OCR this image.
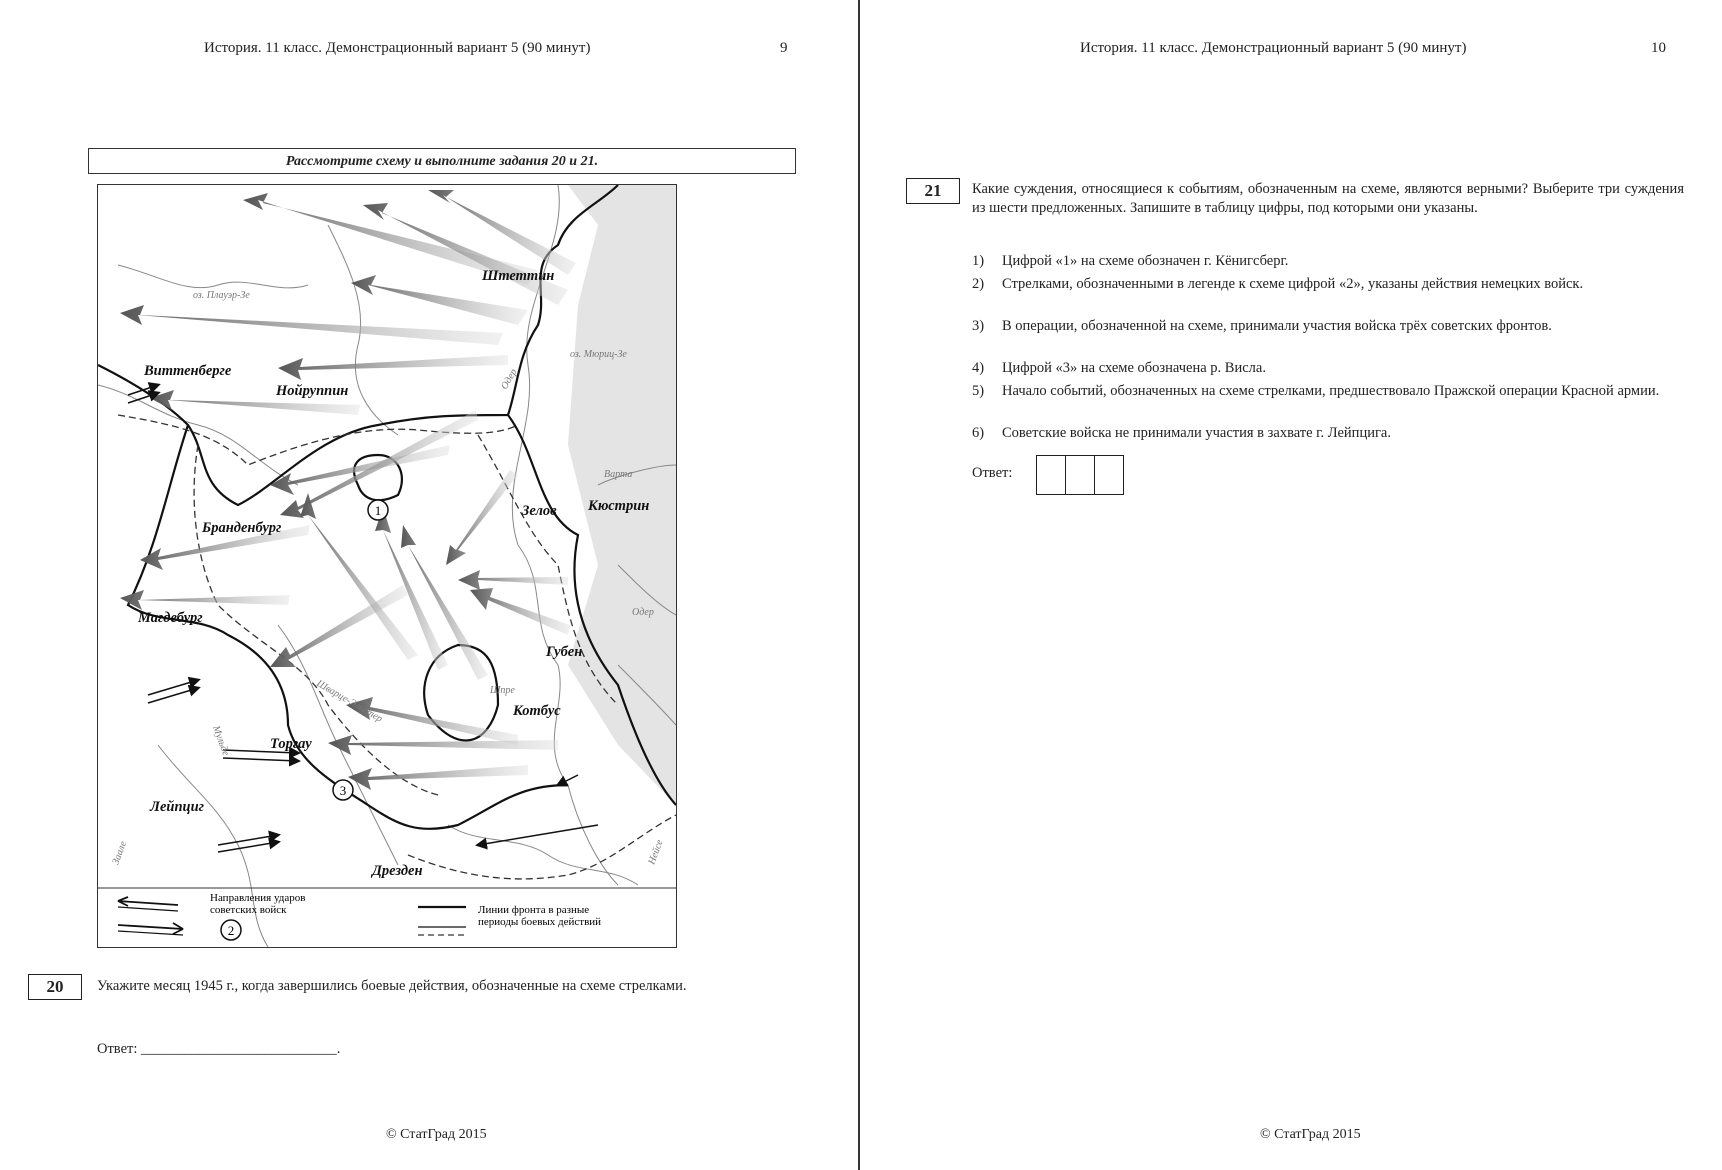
История. 11 класс. Демонстрационный вариант 5 (90 минут)	9
Рассмотрите схему и выполните задания 20 и 21.
1
3
Штеттин
Виттенберге
Нойруппин
Кюстрин
Зелов
Бранденбург
Магдебург
Губен
Котбус
Торгау
Лейпциг
Дрезден
оз. Плауэр-Зе
оз. Мюриц-Зе
Одер
Варта
Одер
Шпре
Шварце-Эльстер
Мульде
Заале	Нейсе
Направления ударов
советских войск
2
Линии фронта в разные
периоды боевых действий
20	Укажите месяц 1945 г., когда завершились боевые действия, обозначенные на схеме стрелками.
Ответ: ___________________________.
© СтатГрад 2015
История. 11 класс. Демонстрационный вариант 5 (90 минут)	10
21	Какие суждения, относящиеся к событиям, обозначенным на схеме, являются верными? Выберите три суждения из шести предложенных. Запишите в таблицу цифры, под которыми они указаны.
1)	Цифрой «1» на схеме обозначен г. Кёнигсберг.
2)	Стрелками, обозначенными в легенде к схеме цифрой «2», указаны действия немецких войск.
3)	В операции, обозначенной на схеме, принимали участия войска трёх советских фронтов.
4)	Цифрой «3» на схеме обозначена р. Висла.
5)	Начало событий, обозначенных на схеме стрелками, предшествовало Пражской операции Красной армии.
6)	Советские войска не принимали участия в захвате г. Лейпцига.
Ответ:
© СтатГрад 2015
